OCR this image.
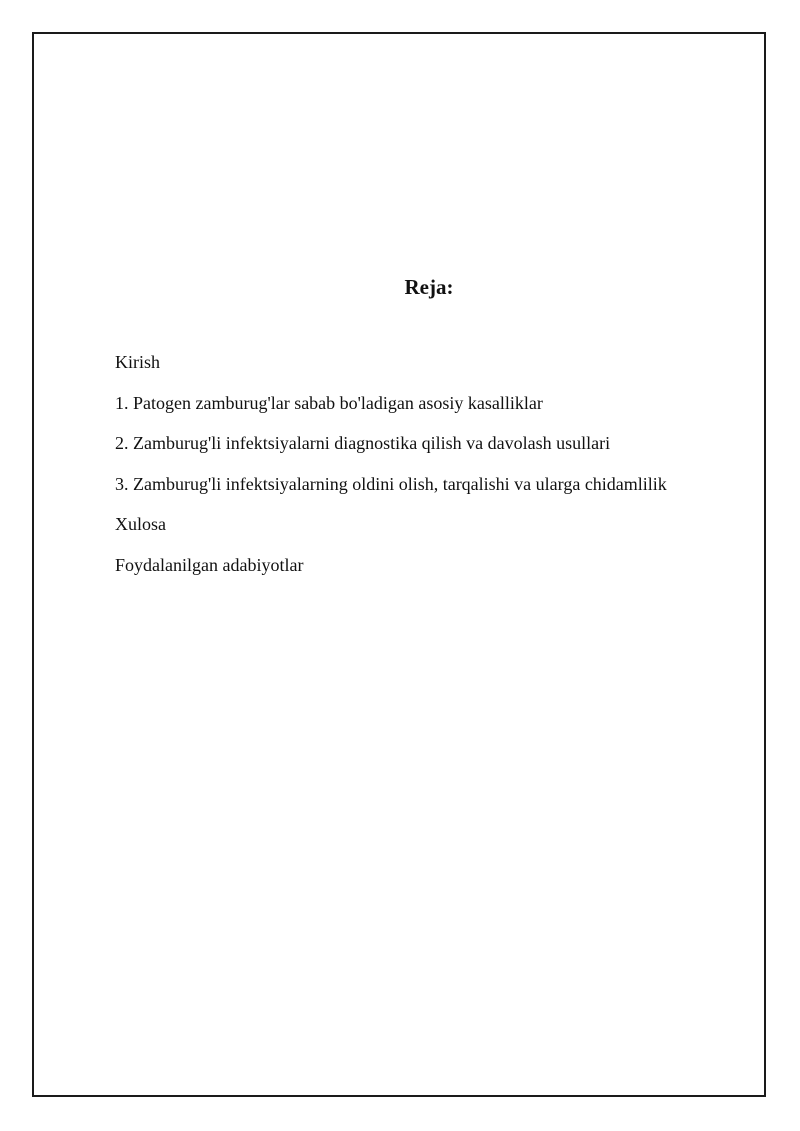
Reja:
Kirish
1. Patogen zamburug'lar sabab bo'ladigan asosiy kasalliklar
2. Zamburug'li infektsiyalarni diagnostika qilish va davolash usullari
3. Zamburug'li infektsiyalarning oldini olish, tarqalishi va ularga chidamlilik
Xulosa
Foydalanilgan adabiyotlar
